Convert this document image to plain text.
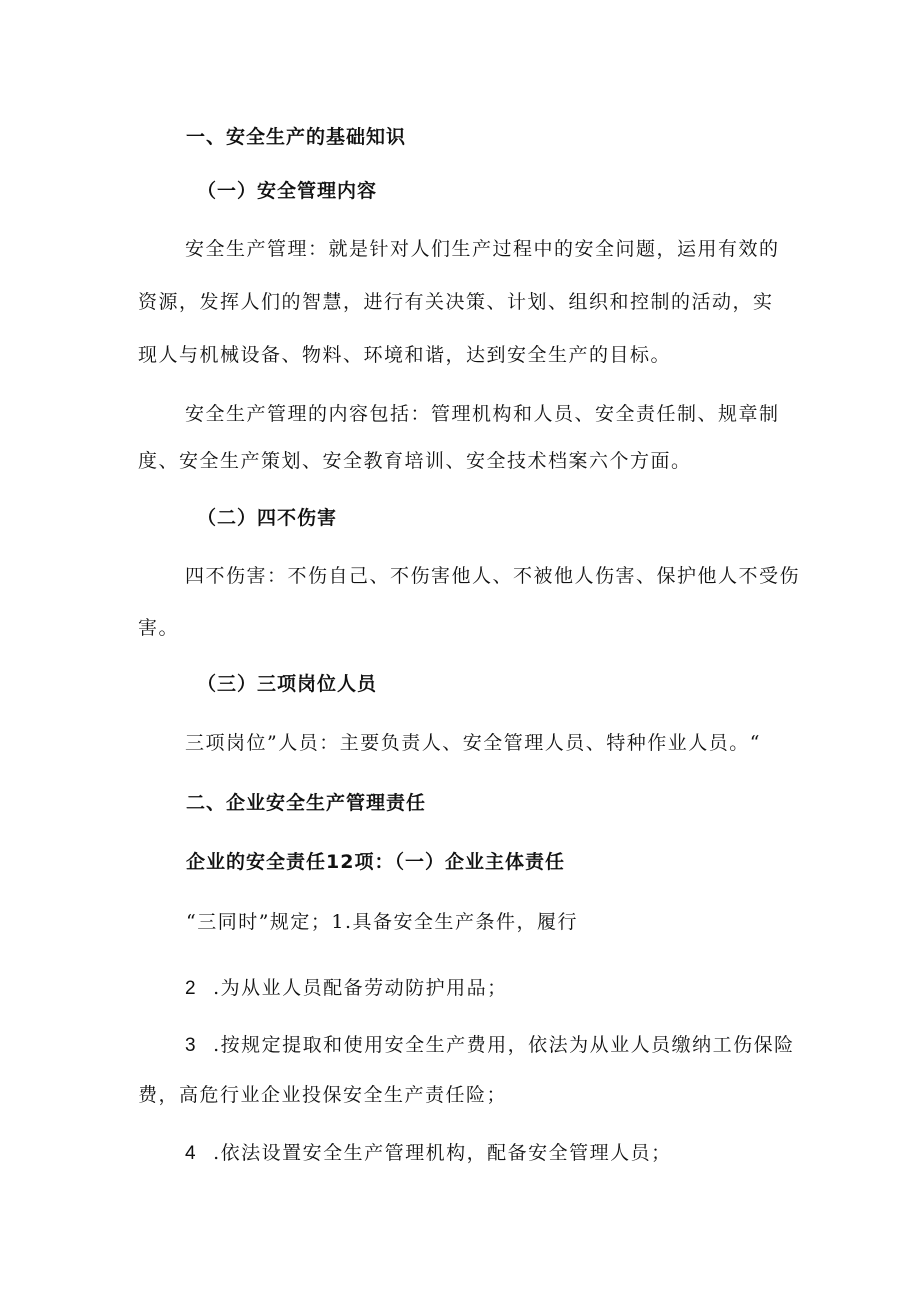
一、安全生产的基础知识
（一）安全管理内容
安全生产管理：就是针对人们生产过程中的安全问题，运用有效的
资源，发挥人们的智慧，进行有关决策、计划、组织和控制的活动，实
现人与机械设备、物料、环境和谐，达到安全生产的目标。
安全生产管理的内容包括：管理机构和人员、安全责任制、规章制
度、安全生产策划、安全教育培训、安全技术档案六个方面。
（二）四不伤害
四不伤害：不伤自己、不伤害他人、不被他人伤害、保护他人不受伤
害。
（三）三项岗位人员
三项岗位”人员：主要负责人、安全管理人员、特种作业人员。“
二、企业安全生产管理责任
企业的安全责任12项：（一）企业主体责任
“三同时”规定；1.具备安全生产条件，履行
2 .为从业人员配备劳动防护用品；
3 .按规定提取和使用安全生产费用，依法为从业人员缴纳工伤保险
费，高危行业企业投保安全生产责任险；
4 .依法设置安全生产管理机构，配备安全管理人员；
